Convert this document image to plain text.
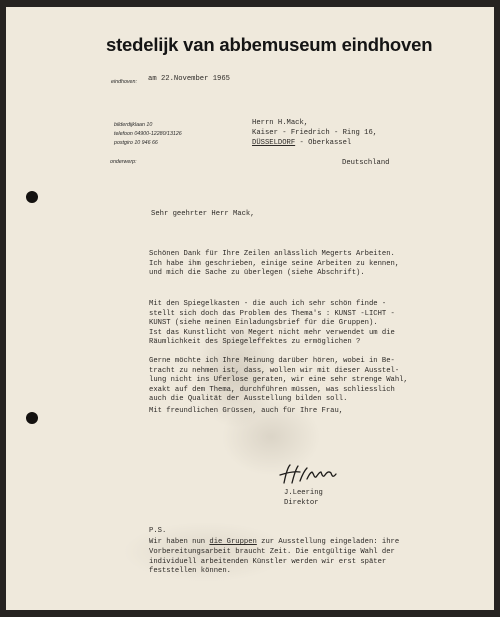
stedelijk van abbemuseum eindhoven
eindhoven: am 22.November 1965
bilderdijklaan 10
telefoon 04900-12280/13126
postgiro 10 946 66
onderwerp:
Herrn H.Mack,
Kaiser - Friedrich - Ring 16,
DÜSSELDORF - Oberkassel
Deutschland
Sehr geehrter Herr Mack,
Schönen Dank für Ihre Zeilen anlässlich Megerts Arbeiten.
Ich habe ihm geschrieben, einige seine Arbeiten zu kennen,
und mich die Sache zu überlegen (siehe Abschrift).
Mit den Spiegelkasten - die auch ich sehr schön finde -
stellt sich doch das Problem des Thema's : KUNST -LICHT -
KUNST (siehe meinen Einladungsbrief für die Gruppen).
Ist das Kunstlicht von Megert nicht mehr verwendet um die
Räumlichkeit des Spiegeleffektes zu ermöglichen ?
Gerne möchte ich Ihre Meinung darüber hören, wobei in Be-
tracht zu nehmen ist, dass, wollen wir mit dieser Ausstel-
lung nicht ins Uferlose geraten, wir eine sehr strenge Wahl,
exakt auf dem Thema, durchführen müssen, was schliesslich
auch die Qualität der Ausstellung bilden soll.
Mit freundlichen Grüssen, auch für Ihre Frau,
J.Leering
Direktor
P.S.
Wir haben nun die Gruppen zur Ausstellung eingeladen: ihre
Vorbereitungsarbeit braucht Zeit. Die entgültige Wahl der
individuell arbeitenden Künstler werden wir erst später
feststellen können.
